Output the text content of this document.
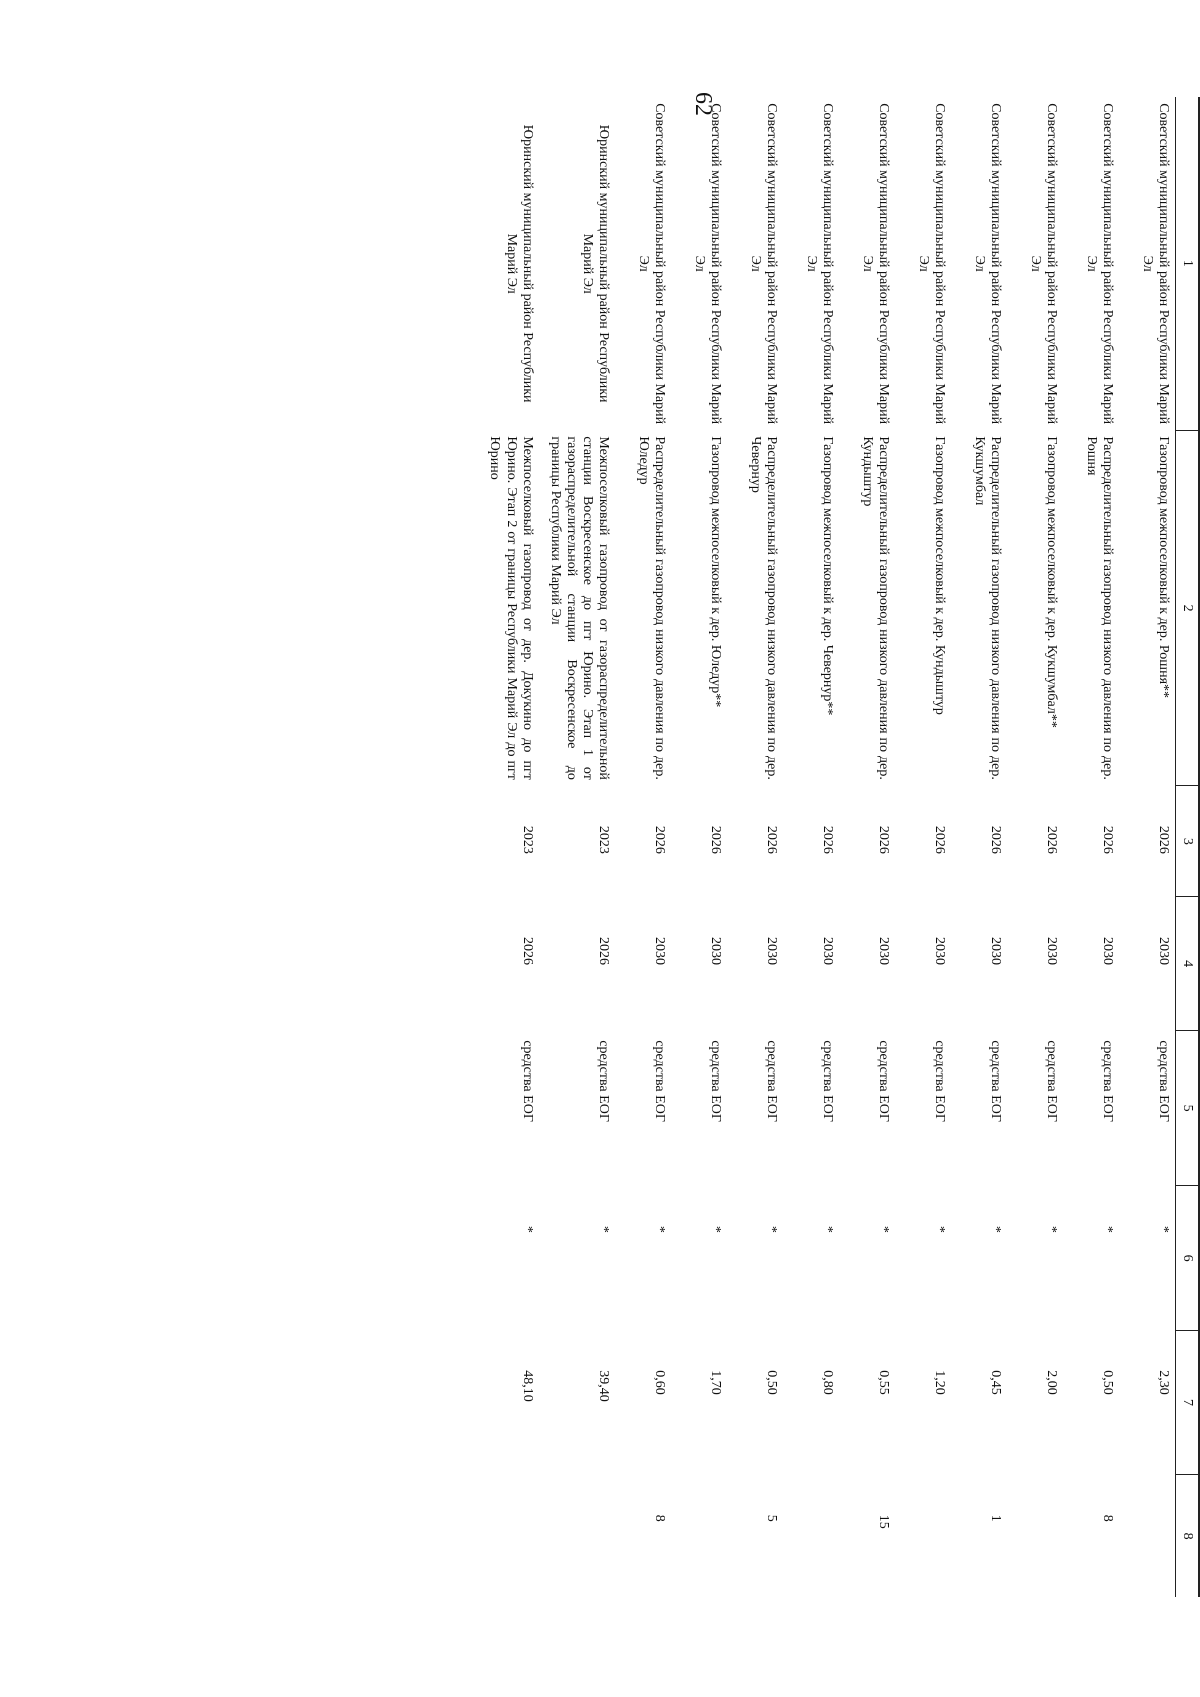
62
1	2	3	4	5	6	7	8
Советский муниципальный район Республики Марий Эл	Газопровод межпоселковый к дер. Рошня**	2026	2030	средства ЕОГ	*	2,30	
Советский муниципальный район Республики Марий Эл	Распределительный газопровод низкого давления по дер. Рошня	2026	2030	средства ЕОГ	*	0,50	8
Советский муниципальный район Республики Марий Эл	Газопровод межпоселковый к дер. Кукшумбал**	2026	2030	средства ЕОГ	*	2,00	
Советский муниципальный район Республики Марий Эл	Распределительный газопровод низкого давления по дер. Кукшумбал	2026	2030	средства ЕОГ	*	0,45	1
Советский муниципальный район Республики Марий Эл	Газопровод межпоселковый к дер. Кундыштур	2026	2030	средства ЕОГ	*	1,20	
Советский муниципальный район Республики Марий Эл	Распределительный газопровод низкого давления по дер. Кундыштур	2026	2030	средства ЕОГ	*	0,55	15
Советский муниципальный район Республики Марий Эл	Газопровод межпоселковый к дер. Чевернур**	2026	2030	средства ЕОГ	*	0,80	
Советский муниципальный район Республики Марий Эл	Распределительный газопровод низкого давления по дер. Чевернур	2026	2030	средства ЕОГ	*	0,50	5
Советский муниципальный район Республики Марий Эл	Газопровод межпоселковый к дер. Юледур**	2026	2030	средства ЕОГ	*	1,70	
Советский муниципальный район Республики Марий Эл	Распределительный газопровод низкого давления по дер. Юледур	2026	2030	средства ЕОГ	*	0,60	8
Юринский муниципальный район Республики Марий Эл	Межпоселковый газопровод от газораспределительной станции Воскресенское до пгт Юрино. Этап 1 от газораспределительной станции Воскресенское до границы Республики Марий Эл	2023	2026	средства ЕОГ	*	39,40	
Юринский муниципальный район Республики Марий Эл	Межпоселковый газопровод от дер. Докукино до пгт Юрино. Этап 2 от границы Республики Марий Эл до пгт Юрино	2023	2026	средства ЕОГ	*	48,10	
